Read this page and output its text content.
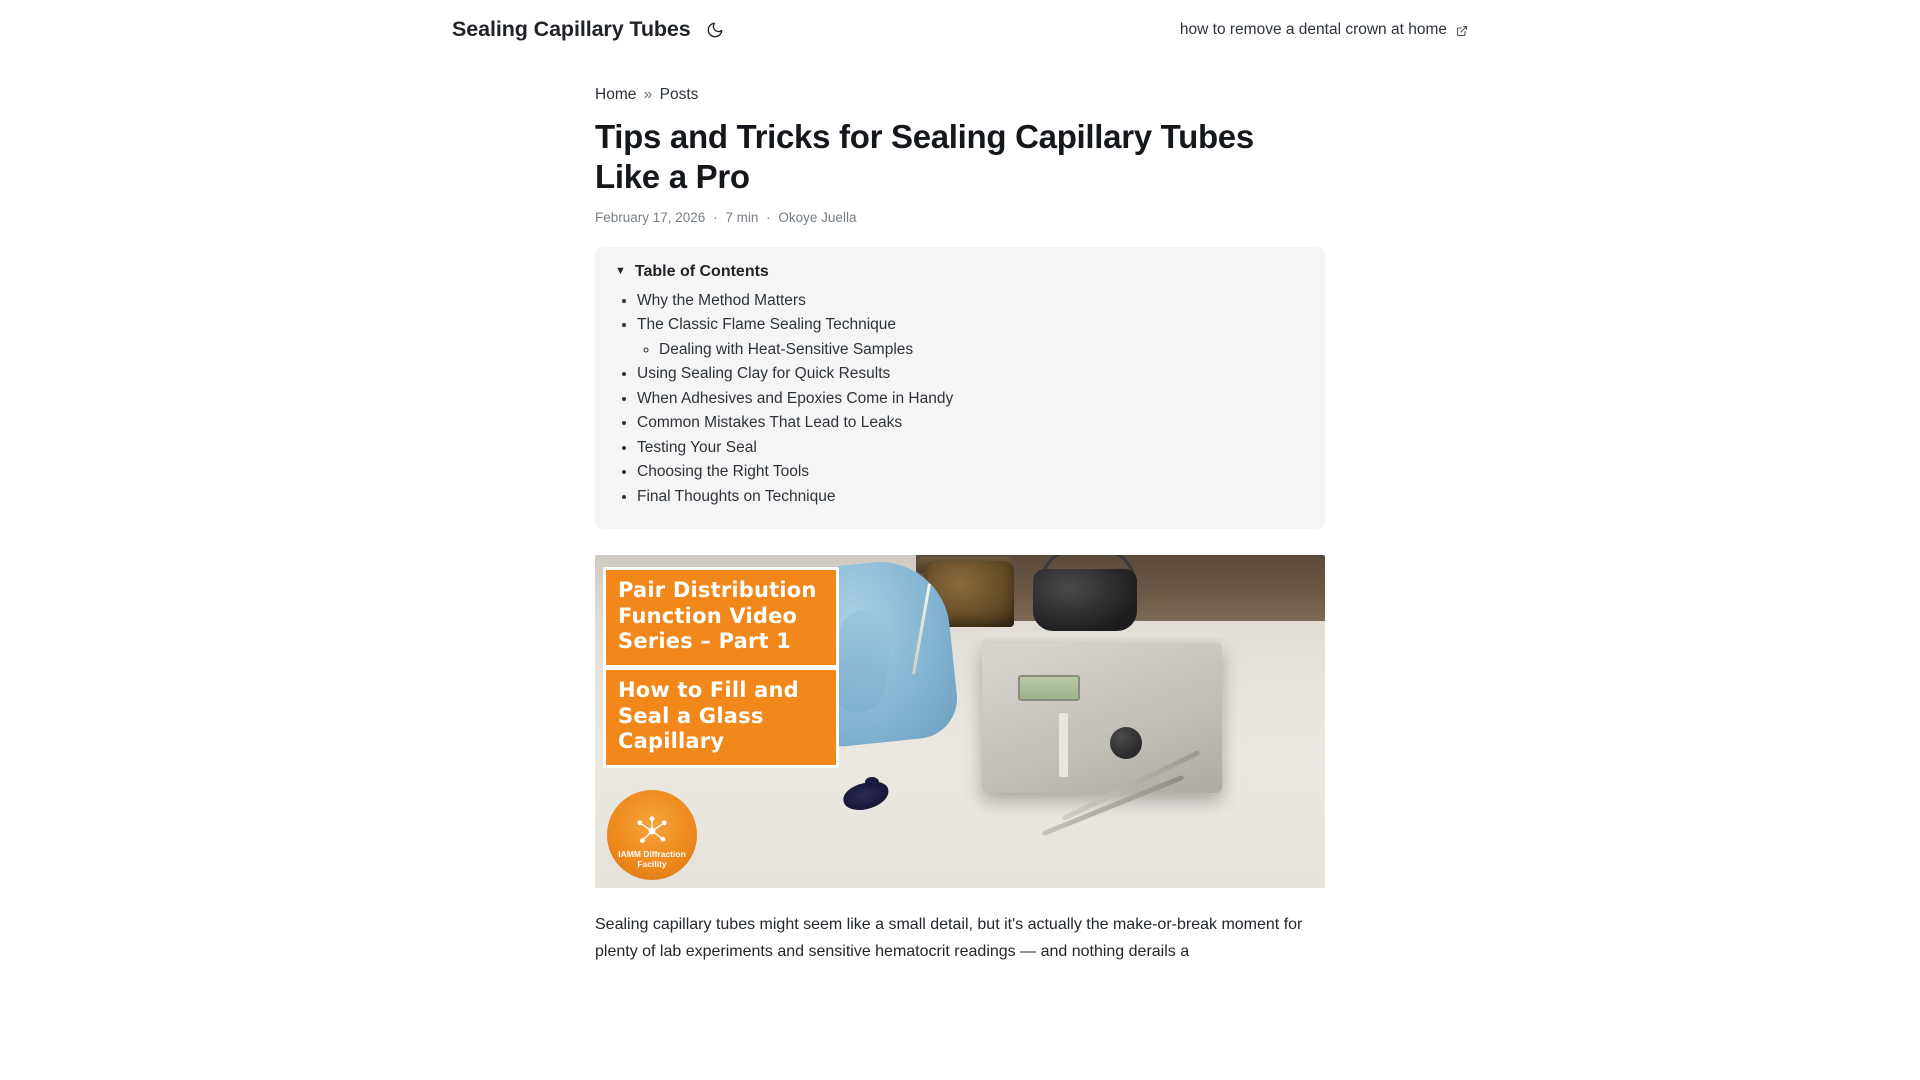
Sealing Capillary Tubes	how to remove a dental crown at home
Home » Posts
Tips and Tricks for Sealing Capillary Tubes Like a Pro
February 17, 2026 · 7 min · Okoye Juella
▼ Table of Contents
• Why the Method Matters
• The Classic Flame Sealing Technique
◦ Dealing with Heat-Sensitive Samples
• Using Sealing Clay for Quick Results
• When Adhesives and Epoxies Come in Handy
• Common Mistakes That Lead to Leaks
• Testing Your Seal
• Choosing the Right Tools
• Final Thoughts on Technique
Pair Distribution Function Video Series – Part 1
How to Fill and Seal a Glass Capillary
IAMM Diffraction Facility

Sealing capillary tubes might seem like a small detail, but it's actually the make-or-break moment for plenty of lab experiments and sensitive hematocrit readings — and nothing derails a
